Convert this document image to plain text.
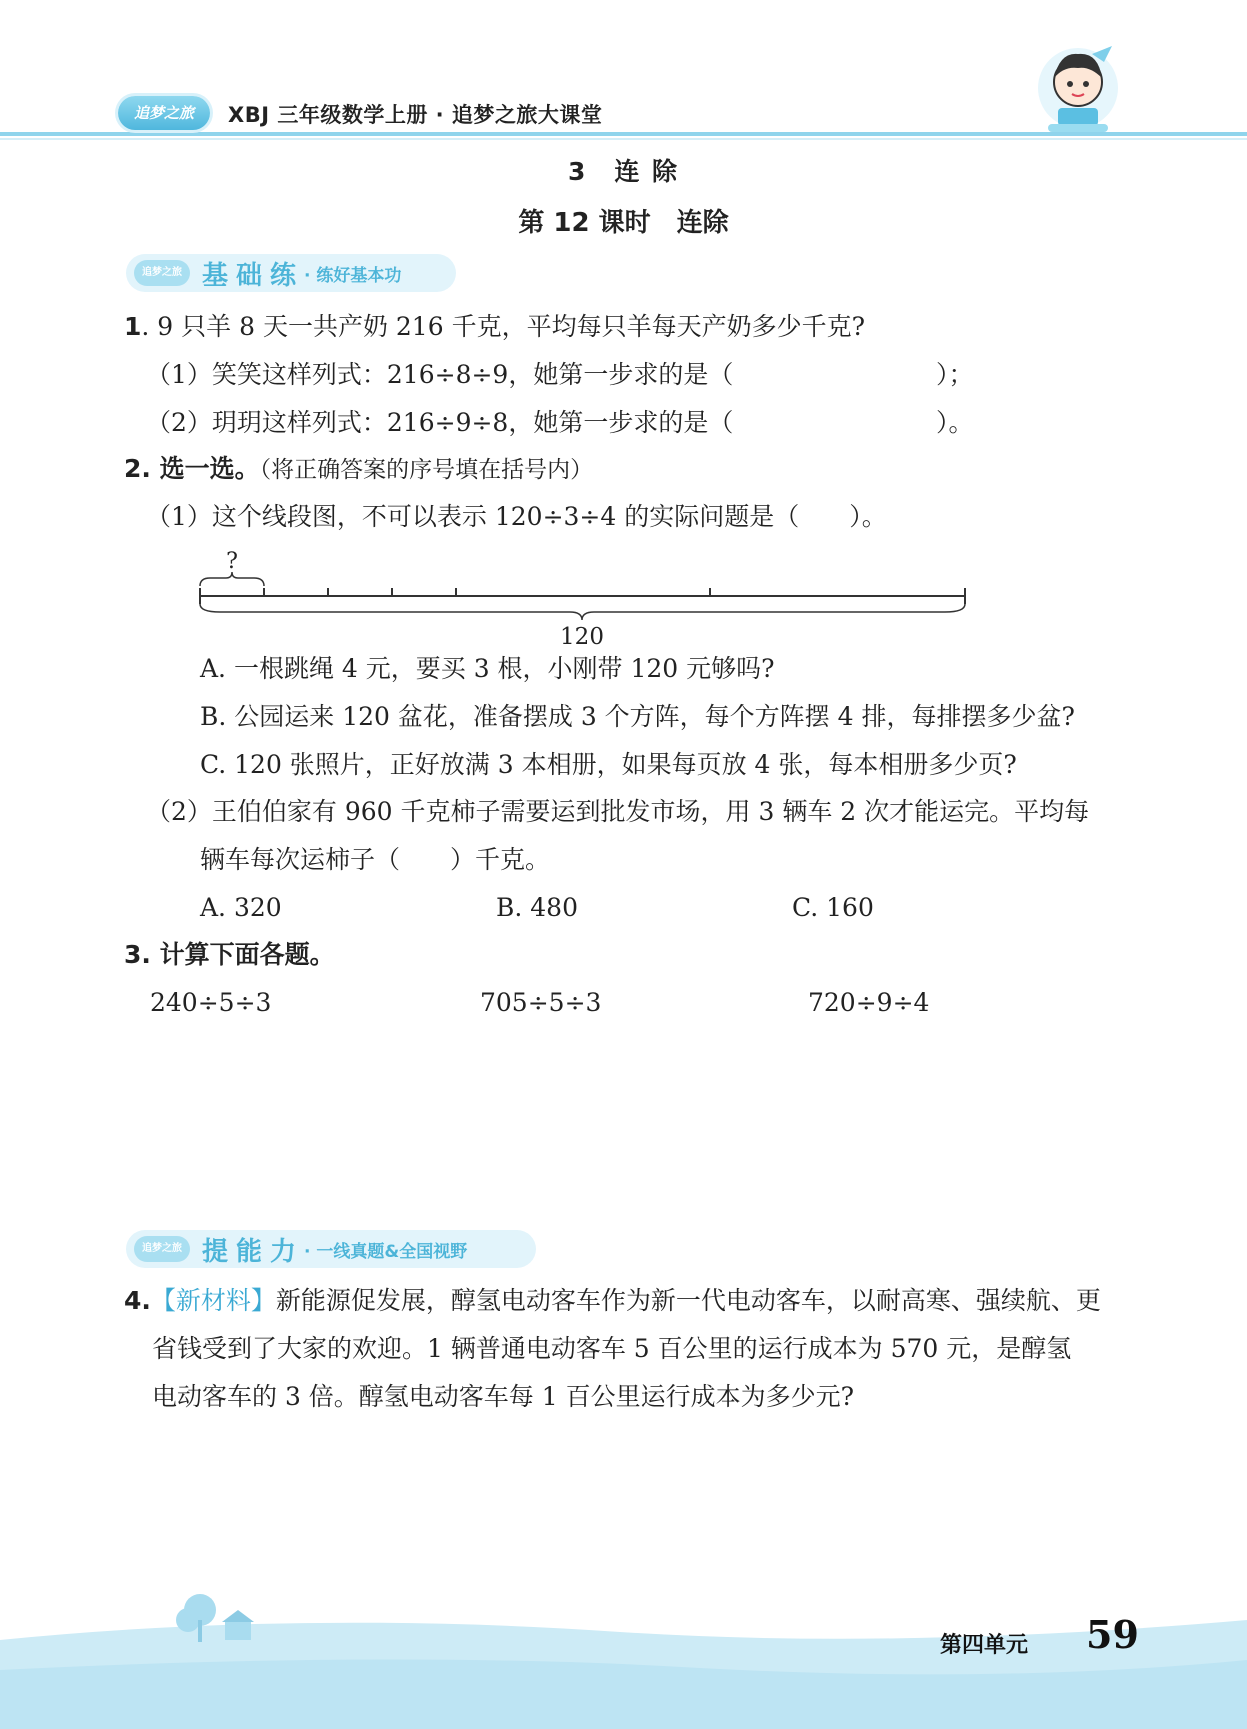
追梦之旅	XBJ 三年级数学上册 · 追梦之旅大课堂
3　连 除
第 12 课时　连除
追梦之旅 基础练 · 练好基本功
1. 9 只羊 8 天一共产奶 216 千克，平均每只羊每天产奶多少千克?
（1）笑笑这样列式：216÷8÷9，她第一步求的是（	）；
（2）玥玥这样列式：216÷9÷8，她第一步求的是（	）。
2. 选一选。（将正确答案的序号填在括号内）
（1）这个线段图，不可以表示 120÷3÷4 的实际问题是（　　）。
?
120
A. 一根跳绳 4 元，要买 3 根，小刚带 120 元够吗?
B. 公园运来 120 盆花，准备摆成 3 个方阵，每个方阵摆 4 排，每排摆多少盆?
C. 120 张照片，正好放满 3 本相册，如果每页放 4 张，每本相册多少页?
（2）王伯伯家有 960 千克柿子需要运到批发市场，用 3 辆车 2 次才能运完。平均每
辆车每次运柿子（　　）千克。
A. 320	B. 480	C. 160
3. 计算下面各题。
240÷5÷3	705÷5÷3	720÷9÷4
追梦之旅 提能力 · 一线真题&全国视野
4.【新材料】新能源促发展，醇氢电动客车作为新一代电动客车，以耐高寒、强续航、更
省钱受到了大家的欢迎。1 辆普通电动客车 5 百公里的运行成本为 570 元，是醇氢
电动客车的 3 倍。醇氢电动客车每 1 百公里运行成本为多少元?
第四单元 59
